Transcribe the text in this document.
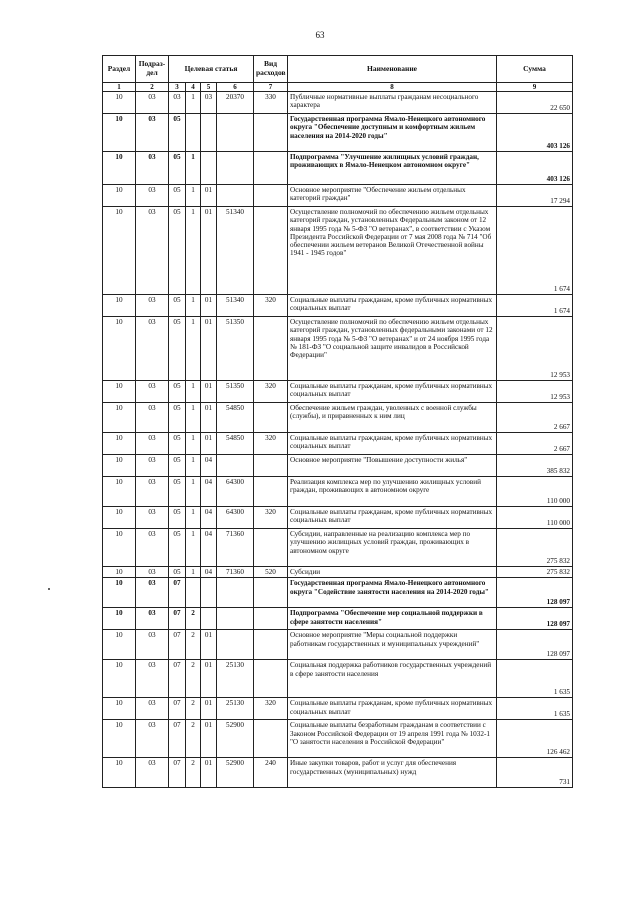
63
Раздел	Подраз-дел	Целевая статья				Вид расходов	Наименование	Сумма
1	2	3	4	5	6	7	8	9
10	03	03	1	03	20370	330	Публичные нормативные выплаты гражданам несоциального характера	22 650
10	03	05					Государственная программа Ямало-Ненецкого автономного округа "Обеспечение доступным и комфортным жильем населения на 2014-2020 годы"	403 126
10	03	05	1				Подпрограмма "Улучшение жилищных условий граждан, проживающих в Ямало-Ненецком автономном округе"	403 126
10	03	05	1	01			Основное мероприятие "Обеспечение жильем отдельных категорий граждан"	17 294
10	03	05	1	01	51340		Осуществление полномочий по обеспечению жильем отдельных категорий граждан, установленных Федеральным законом от 12 января 1995 года № 5-ФЗ "О ветеранах", в соответствии с Указом Президента Российской Федерации от 7 мая 2008 года № 714 "Об обеспечении жильем ветеранов Великой Отечественной войны 1941 - 1945 годов"	1 674
10	03	05	1	01	51340	320	Социальные выплаты гражданам, кроме публичных нормативных социальных выплат	1 674
10	03	05	1	01	51350		Осуществление полномочий по обеспечению жильем отдельных категорий граждан, установленных федеральными законами от 12 января 1995 года № 5-ФЗ "О ветеранах" и от 24 ноября 1995 года № 181-ФЗ "О социальной защите инвалидов в Российской Федерации"	12 953
10	03	05	1	01	51350	320	Социальные выплаты гражданам, кроме публичных нормативных социальных выплат	12 953
10	03	05	1	01	54850		Обеспечение жильем граждан, уволенных с военной службы (службы), и приравненных к ним лиц	2 667
10	03	05	1	01	54850	320	Социальные выплаты гражданам, кроме публичных нормативных социальных выплат	2 667
10	03	05	1	04			Основное мероприятие "Повышение доступности жилья"	385 832
10	03	05	1	04	64300		Реализация комплекса мер по улучшению жилищных условий граждан, проживающих в автономном округе	110 000
10	03	05	1	04	64300	320	Социальные выплаты гражданам, кроме публичных нормативных социальных выплат	110 000
10	03	05	1	04	71360		Субсидии, направленные на реализацию комплекса мер по улучшению жилищных условий граждан, проживающих в автономном округе	275 832
10	03	05	1	04	71360	520	Субсидии	275 832
10	03	07					Государственная программа Ямало-Ненецкого автономного округа "Содействие занятости населения на 2014-2020 годы"	128 097
10	03	07	2				Подпрограмма "Обеспечение мер социальной поддержки в сфере занятости населения"	128 097
10	03	07	2	01			Основное мероприятие "Меры социальной поддержки работникам государственных и муниципальных учреждений"	128 097
10	03	07	2	01	25130		Социальная поддержка работников государственных учреждений в сфере занятости населения	1 635
10	03	07	2	01	25130	320	Социальные выплаты гражданам, кроме публичных нормативных социальных выплат	1 635
10	03	07	2	01	52900		Социальные выплаты безработным гражданам в соответствии с Законом Российской Федерации от 19 апреля 1991 года № 1032-1 "О занятости населения в Российской Федерации"	126 462
10	03	07	2	01	52900	240	Иные закупки товаров, работ и услуг для обеспечения государственных (муниципальных) нужд	731
